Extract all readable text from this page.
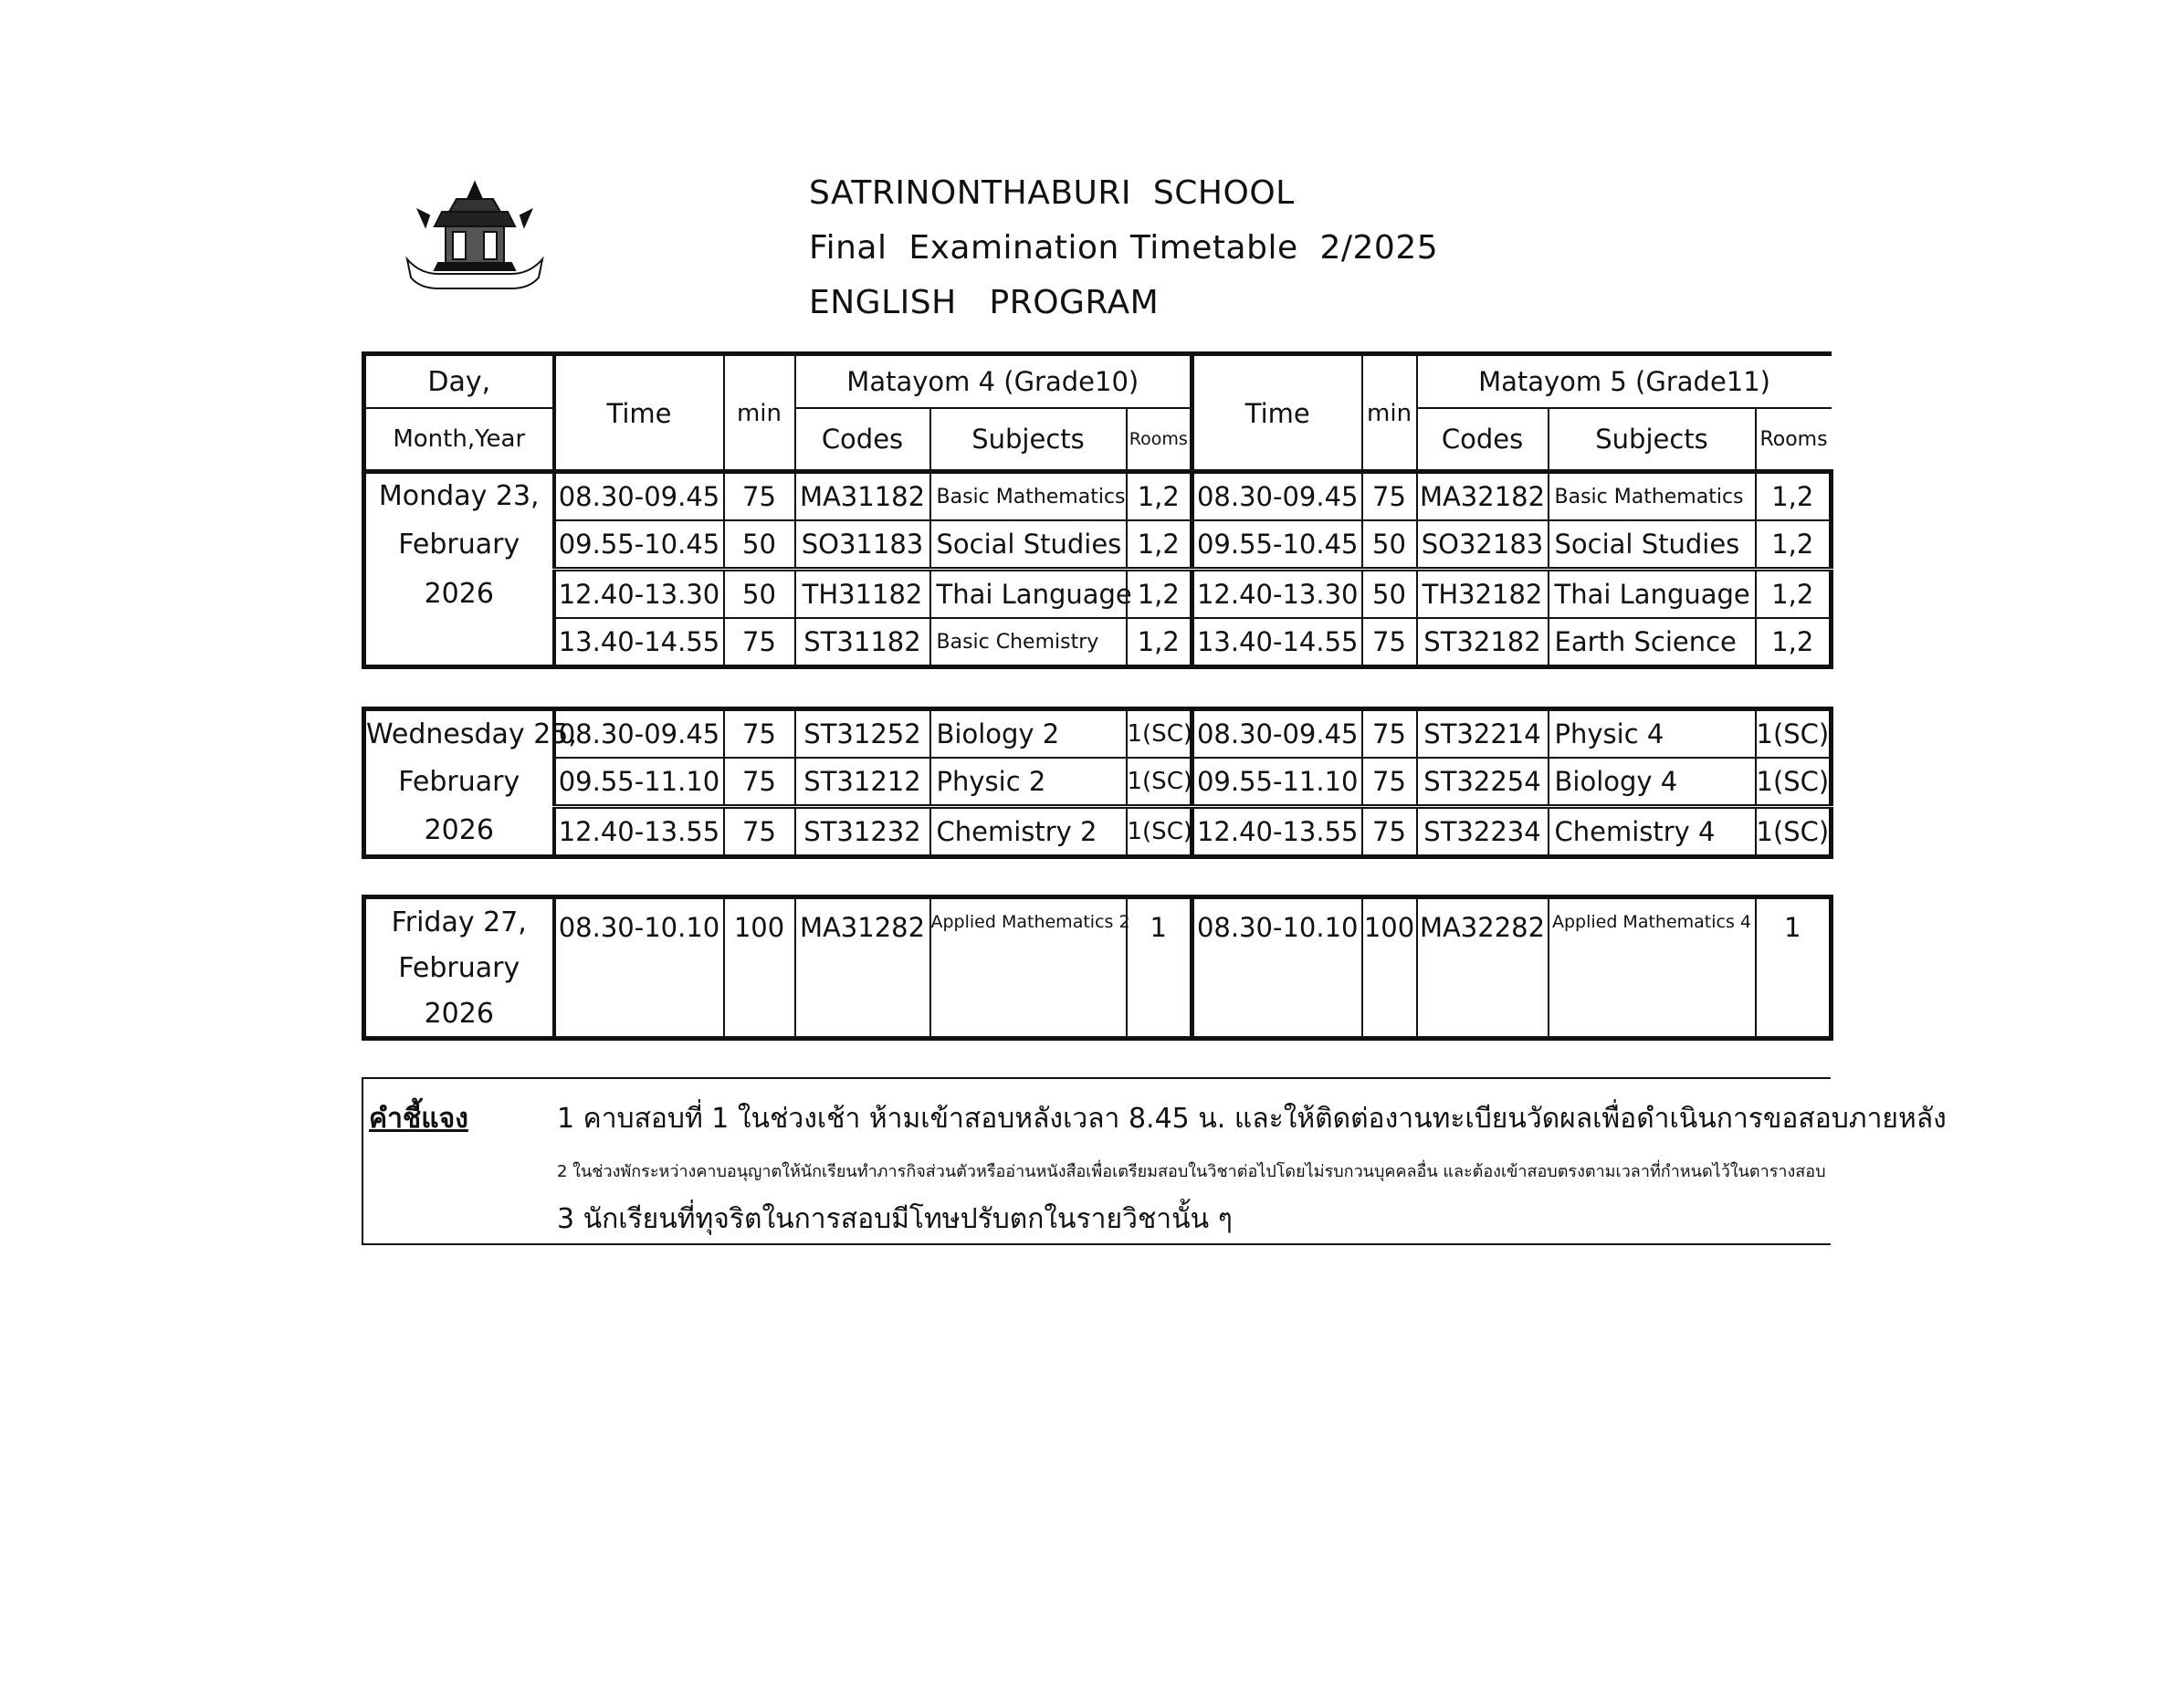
SATRINONTHABURI  SCHOOL
Final  Examination Timetable  2/2025
ENGLISH   PROGRAM
Day,	Time	min	Matayom 4 (Grade10)			Time	min	Matayom 5 (Grade11)		
Month,Year			Codes	Subjects	Rooms			Codes	Subjects	Rooms
Monday 23,	08.30-09.45	75	MA31182	Basic Mathematics	1,2	08.30-09.45	75	MA32182	Basic Mathematics	1,2
February	09.55-10.45	50	SO31183	Social Studies	1,2	09.55-10.45	50	SO32183	Social Studies	1,2
2026	12.40-13.30	50	TH31182	Thai Language	1,2	12.40-13.30	50	TH32182	Thai Language	1,2
	13.40-14.55	75	ST31182	Basic Chemistry	1,2	13.40-14.55	75	ST32182	Earth Science	1,2
Wednesday 25,	08.30-09.45	75	ST31252	Biology 2	1(SC)	08.30-09.45	75	ST32214	Physic 4	1(SC)
February	09.55-11.10	75	ST31212	Physic 2	1(SC)	09.55-11.10	75	ST32254	Biology 4	1(SC)
2026	12.40-13.55	75	ST31232	Chemistry 2	1(SC)	12.40-13.55	75	ST32234	Chemistry 4	1(SC)
Friday 27,	08.30-10.10	100	MA31282	Applied Mathematics 2	1	08.30-10.10	100	MA32282	Applied Mathematics 4	1
February
2026
คำชี้แจง	1 คาบสอบที่ 1 ในช่วงเช้า ห้ามเข้าสอบหลังเวลา 8.45 น. และให้ติดต่องานทะเบียนวัดผลเพื่อดำเนินการขอสอบภายหลัง
2 ในช่วงพักระหว่างคาบอนุญาตให้นักเรียนทำภารกิจส่วนตัวหรืออ่านหนังสือเพื่อเตรียมสอบในวิชาต่อไปโดยไม่รบกวนบุคคลอื่น และต้องเข้าสอบตรงตามเวลาที่กำหนดไว้ในตารางสอบ
3 นักเรียนที่ทุจริตในการสอบมีโทษปรับตกในรายวิชานั้น ๆ
